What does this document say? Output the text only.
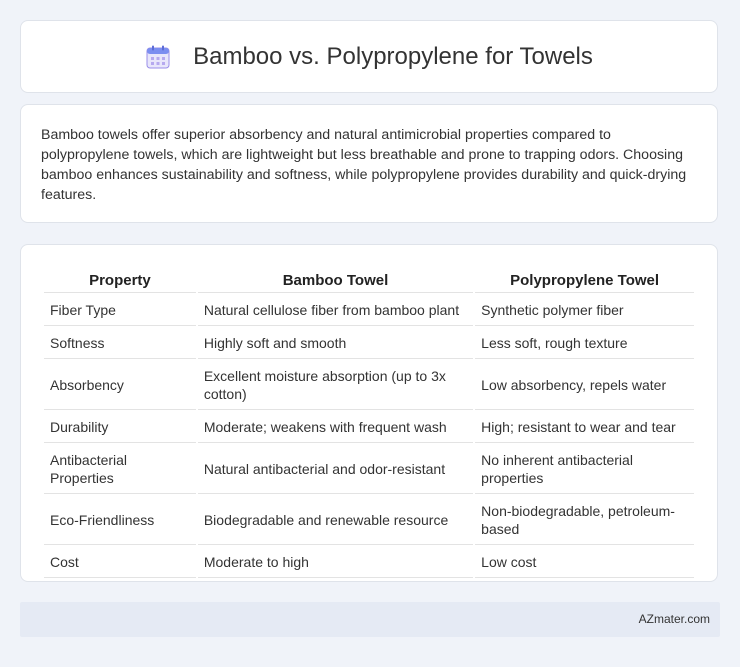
Bamboo vs. Polypropylene for Towels

Bamboo towels offer superior absorbency and natural antimicrobial properties compared to polypropylene towels, which are lightweight but less breathable and prone to trapping odors. Choosing bamboo enhances sustainability and softness, while polypropylene provides durability and quick-drying features.

Property	Bamboo Towel	Polypropylene Towel
Fiber Type	Natural cellulose fiber from bamboo plant	Synthetic polymer fiber
Softness	Highly soft and smooth	Less soft, rough texture
Absorbency	Excellent moisture absorption (up to 3x cotton)	Low absorbency, repels water
Durability	Moderate; weakens with frequent wash	High; resistant to wear and tear
Antibacterial Properties	Natural antibacterial and odor-resistant	No inherent antibacterial properties
Eco-Friendliness	Biodegradable and renewable resource	Non-biodegradable, petroleum-based
Cost	Moderate to high	Low cost
AZmater.com
